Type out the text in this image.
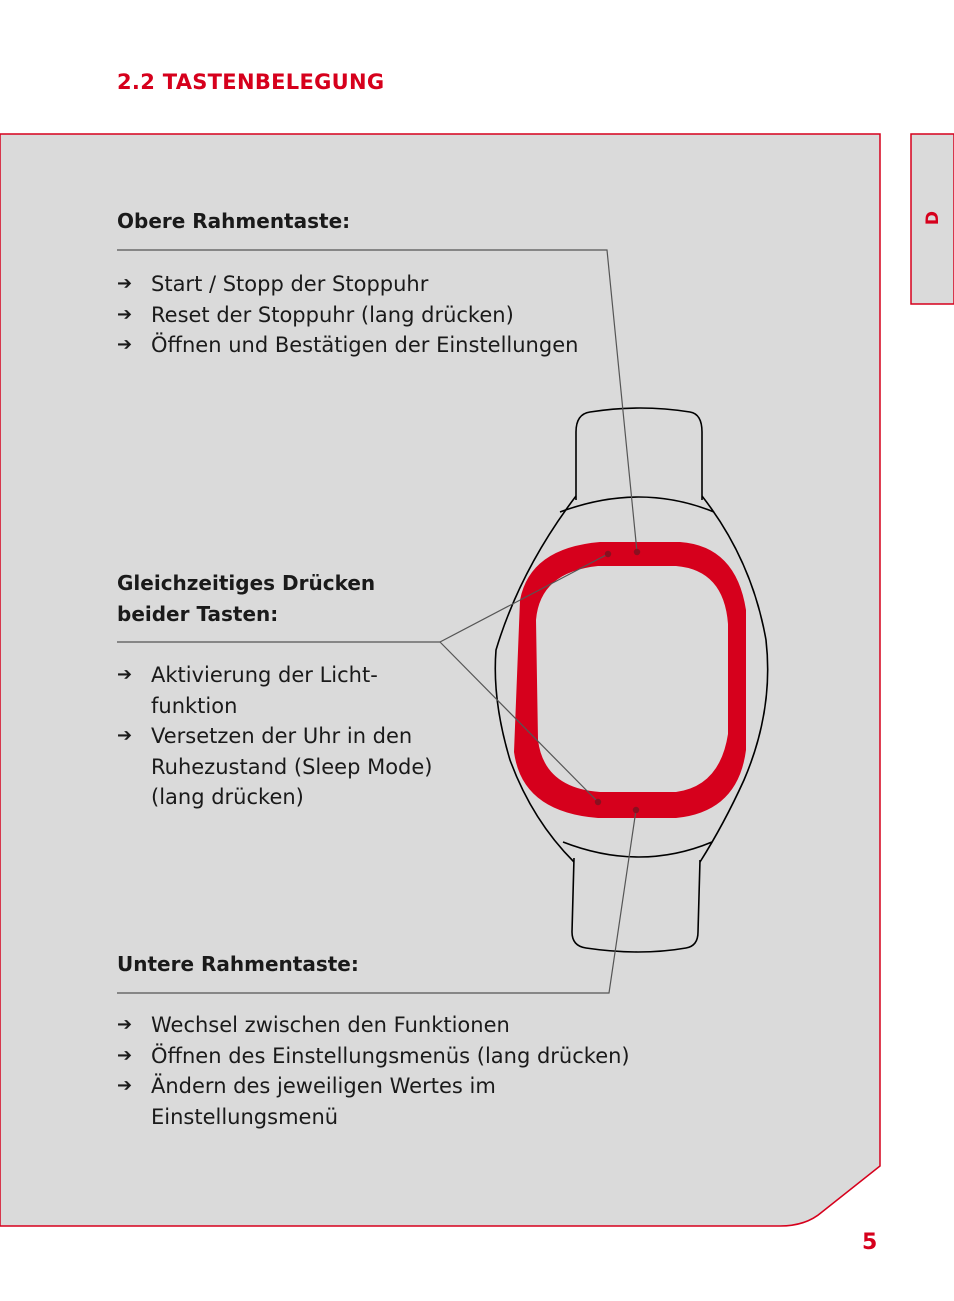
2.2 TASTENBELEGUNG
D
Obere Rahmentaste:
➔ Start / Stopp der Stoppuhr
➔ Reset der Stoppuhr (lang drücken)
➔ Öffnen und Bestätigen der Einstellungen
Gleichzeitiges Drücken
beider Tasten:
➔ Aktivierung der Licht-
funktion
➔ Versetzen der Uhr in den
Ruhezustand (Sleep Mode)
(lang drücken)
Untere Rahmentaste:
➔ Wechsel zwischen den Funktionen
➔ Öffnen des Einstellungsmenüs (lang drücken)
➔ Ändern des jeweiligen Wertes im
Einstellungsmenü
5
